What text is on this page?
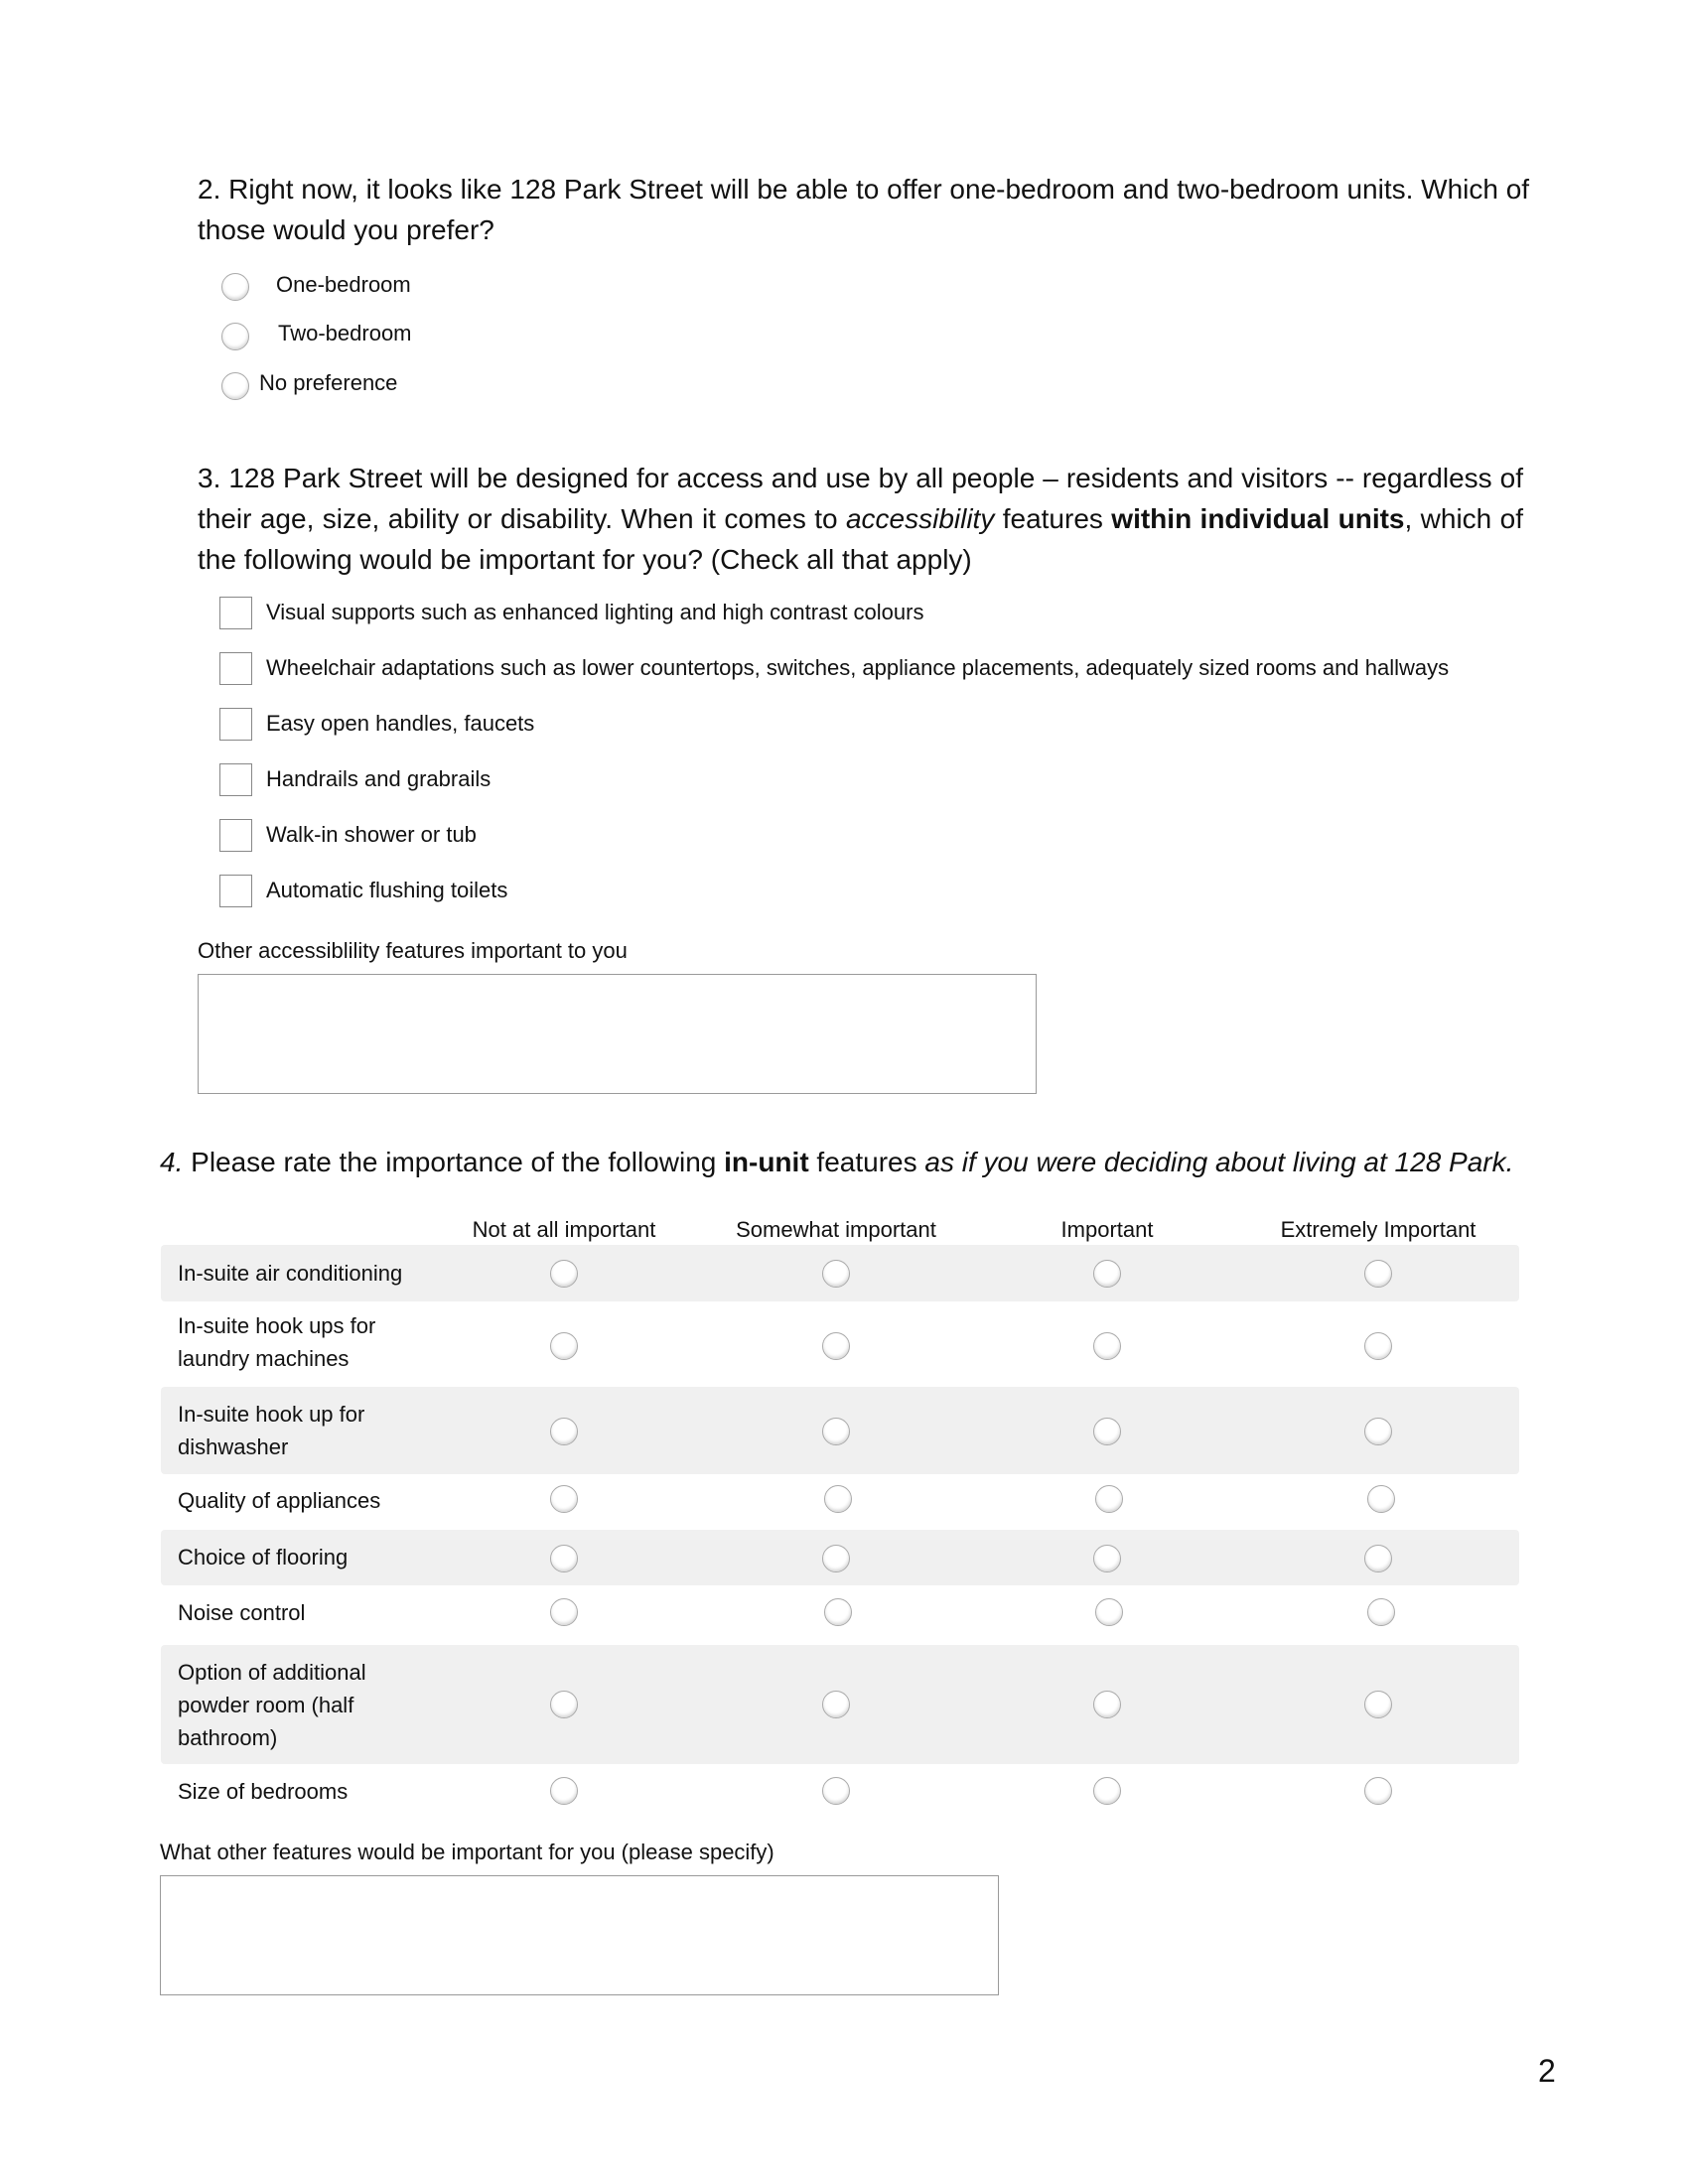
2. Right now, it looks like 128 Park Street will be able to offer one-bedroom and two-bedroom units. Which of those would you prefer?
One-bedroom
Two-bedroom
No preference
3. 128 Park Street will be designed for access and use by all people – residents and visitors -- regardless of their age, size, ability or disability. When it comes to accessibility features within individual units, which of the following would be important for you? (Check all that apply)
Visual supports such as enhanced lighting and high contrast colours
Wheelchair adaptations such as lower countertops, switches, appliance placements, adequately sized rooms and hallways
Easy open handles, faucets
Handrails and grabrails
Walk-in shower or tub
Automatic flushing toilets
Other accessiblility features important to you
4. Please rate the importance of the following in-unit features as if you were deciding about living at 128 Park.
Not at all important	Somewhat important	Important	Extremely Important
In-suite air conditioning
In-suite hook ups for laundry machines
In-suite hook up for dishwasher
Quality of appliances
Choice of flooring
Noise control
Option of additional powder room (half bathroom)
Size of bedrooms
What other features would be important for you (please specify)
2
